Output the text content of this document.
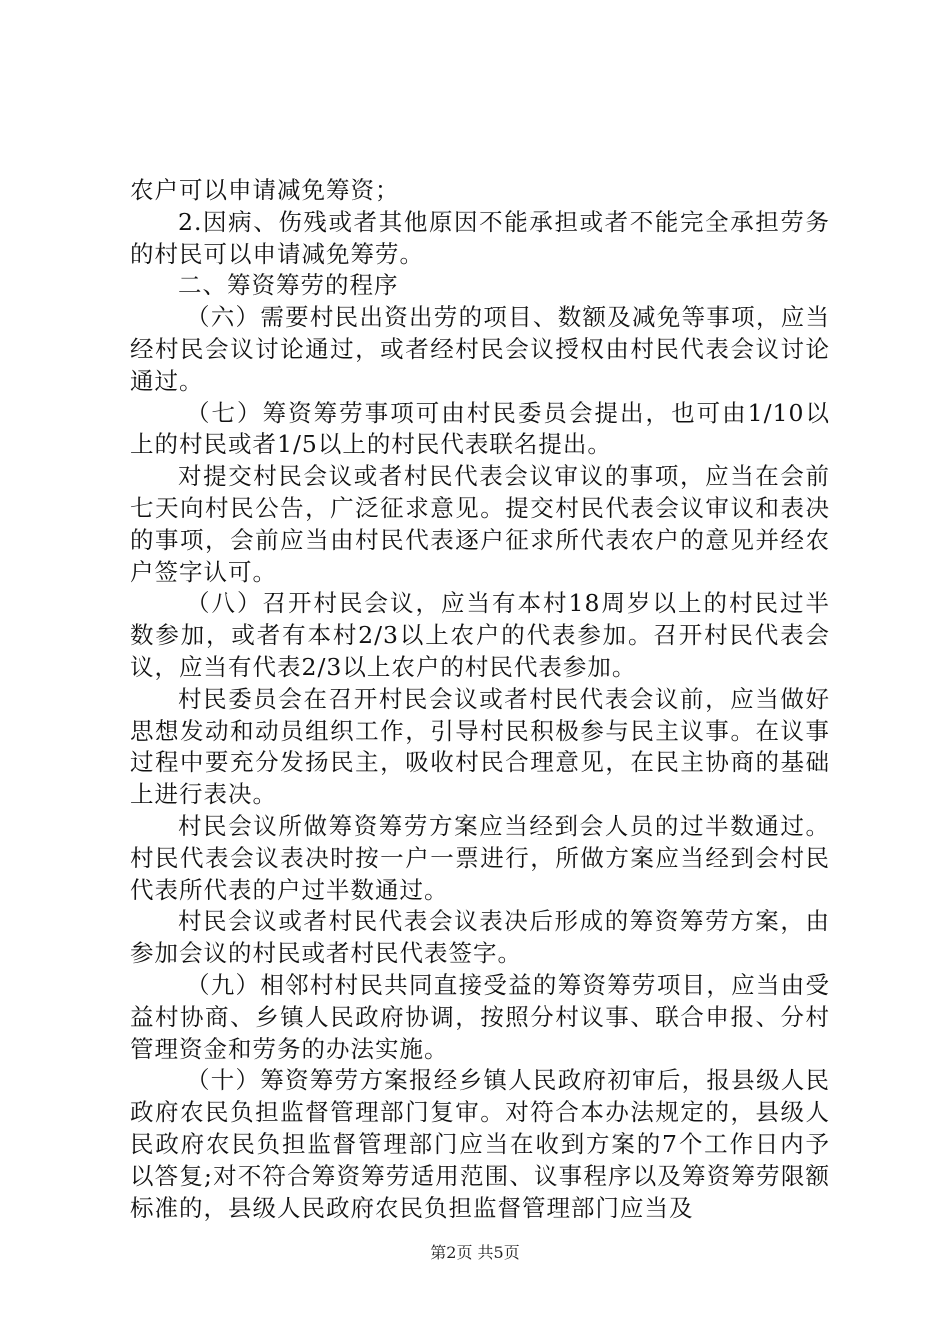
农户可以申请减免筹资；

2.因病、伤残或者其他原因不能承担或者不能完全承担劳务的村民可以申请减免筹劳。

二、筹资筹劳的程序

（六）需要村民出资出劳的项目、数额及减免等事项，应当经村民会议讨论通过，或者经村民会议授权由村民代表会议讨论通过。

（七）筹资筹劳事项可由村民委员会提出，也可由1/10以上的村民或者1/5以上的村民代表联名提出。

对提交村民会议或者村民代表会议审议的事项，应当在会前七天向村民公告，广泛征求意见。提交村民代表会议审议和表决的事项，会前应当由村民代表逐户征求所代表农户的意见并经农户签字认可。

（八）召开村民会议，应当有本村18周岁以上的村民过半数参加，或者有本村2/3以上农户的代表参加。召开村民代表会议，应当有代表2/3以上农户的村民代表参加。

村民委员会在召开村民会议或者村民代表会议前，应当做好思想发动和动员组织工作，引导村民积极参与民主议事。在议事过程中要充分发扬民主，吸收村民合理意见，在民主协商的基础上进行表决。

村民会议所做筹资筹劳方案应当经到会人员的过半数通过。村民代表会议表决时按一户一票进行，所做方案应当经到会村民代表所代表的户过半数通过。

村民会议或者村民代表会议表决后形成的筹资筹劳方案，由参加会议的村民或者村民代表签字。

（九）相邻村村民共同直接受益的筹资筹劳项目，应当由受益村协商、乡镇人民政府协调，按照分村议事、联合申报、分村管理资金和劳务的办法实施。

（十）筹资筹劳方案报经乡镇人民政府初审后，报县级人民政府农民负担监督管理部门复审。对符合本办法规定的，县级人民政府农民负担监督管理部门应当在收到方案的7个工作日内予以答复;对不符合筹资筹劳适用范围、议事程序以及筹资筹劳限额标准的，县级人民政府农民负担监督管理部门应当及

第2页 共5页
